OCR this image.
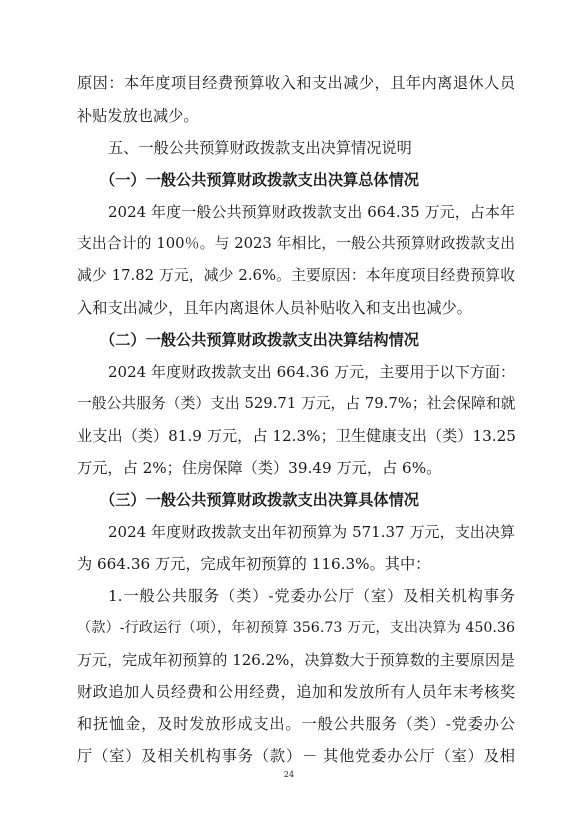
原因：本年度项目经费预算收入和支出减少，且年内离退休人员
补贴发放也减少。
五、一般公共预算财政拨款支出决算情况说明
（一）一般公共预算财政拨款支出决算总体情况
2024 年度一般公共预算财政拨款支出 664.35 万元，占本年
支出合计的 100％。与 2023 年相比，一般公共预算财政拨款支出
减少 17.82 万元，减少 2.6%。主要原因：本年度项目经费预算收
入和支出减少，且年内离退休人员补贴收入和支出也减少。
（二）一般公共预算财政拨款支出决算结构情况
2024 年度财政拨款支出 664.36 万元，主要用于以下方面：
一般公共服务（类）支出 529.71 万元，占 79.7%；社会保障和就
业支出（类）81.9 万元，占 12.3%；卫生健康支出（类）13.25
万元，占 2%；住房保障（类）39.49 万元，占 6%。
（三）一般公共预算财政拨款支出决算具体情况
2024 年度财政拨款支出年初预算为 571.37 万元，支出决算
为 664.36 万元，完成年初预算的 116.3%。其中：
1.一般公共服务（类）-党委办公厅（室）及相关机构事务
（款）-行政运行（项），年初预算 356.73 万元，支出决算为 450.36
万元，完成年初预算的 126.2%，决算数大于预算数的主要原因是
财政追加人员经费和公用经费，追加和发放所有人员年末考核奖
和抚恤金，及时发放形成支出。一般公共服务（类）-党委办公
厅（室）及相关机构事务（款）－ 其他党委办公厅（室）及相
24
